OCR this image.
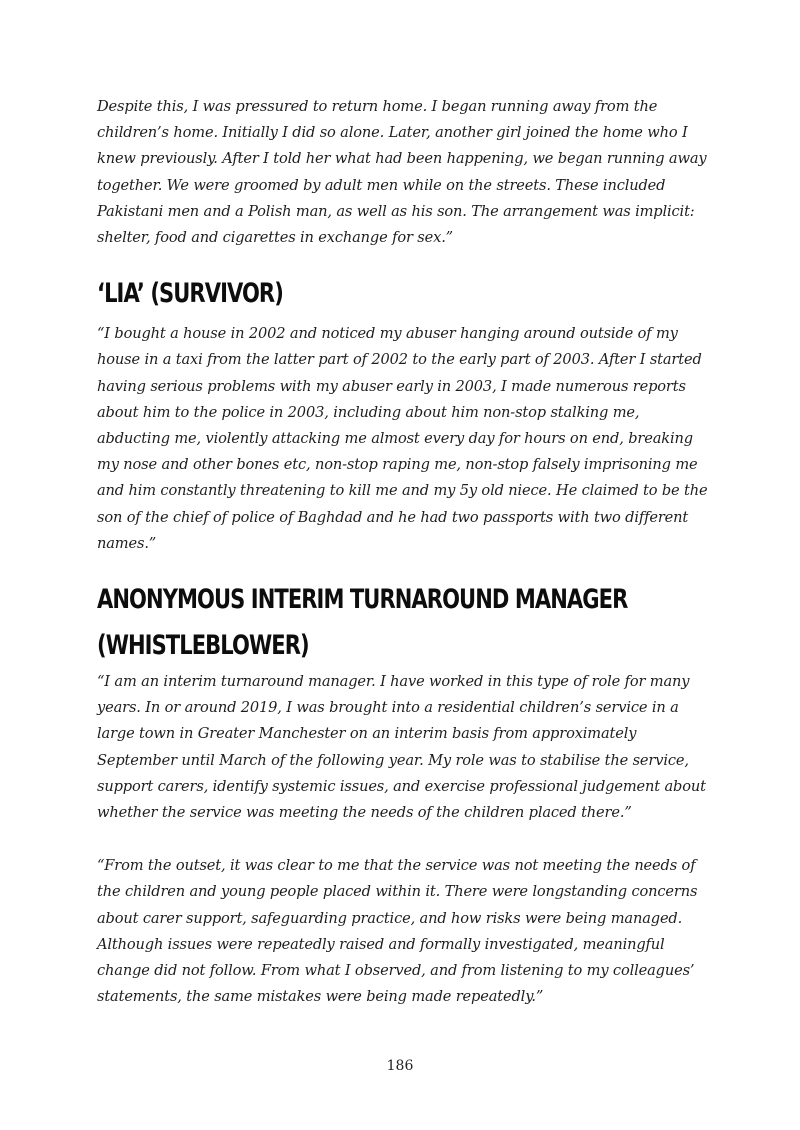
Despite this, I was pressured to return home. I began running away from the children’s home. Initially I did so alone. Later, another girl joined the home who I knew previously. After I told her what had been happening, we began running away together. We were groomed by adult men while on the streets. These included Pakistani men and a Polish man, as well as his son. The arrangement was implicit: shelter, food and cigarettes in exchange for sex.”

‘LIA’ (SURVIVOR)

“I bought a house in 2002 and noticed my abuser hanging around outside of my house in a taxi from the latter part of 2002 to the early part of 2003. After I started having serious problems with my abuser early in 2003, I made numerous reports about him to the police in 2003, including about him non-stop stalking me, abducting me, violently attacking me almost every day for hours on end, breaking my nose and other bones etc, non-stop raping me, non-stop falsely imprisoning me and him constantly threatening to kill me and my 5y old niece. He claimed to be the son of the chief of police of Baghdad and he had two passports with two different names.”

ANONYMOUS INTERIM TURNAROUND MANAGER (WHISTLEBLOWER)

“I am an interim turnaround manager. I have worked in this type of role for many years. In or around 2019, I was brought into a residential children’s service in a large town in Greater Manchester on an interim basis from approximately September until March of the following year. My role was to stabilise the service, support carers, identify systemic issues, and exercise professional judgement about whether the service was meeting the needs of the children placed there.”

“From the outset, it was clear to me that the service was not meeting the needs of the children and young people placed within it. There were longstanding concerns about carer support, safeguarding practice, and how risks were being managed. Although issues were repeatedly raised and formally investigated, meaningful change did not follow. From what I observed, and from listening to my colleagues’ statements, the same mistakes were being made repeatedly.”

186
